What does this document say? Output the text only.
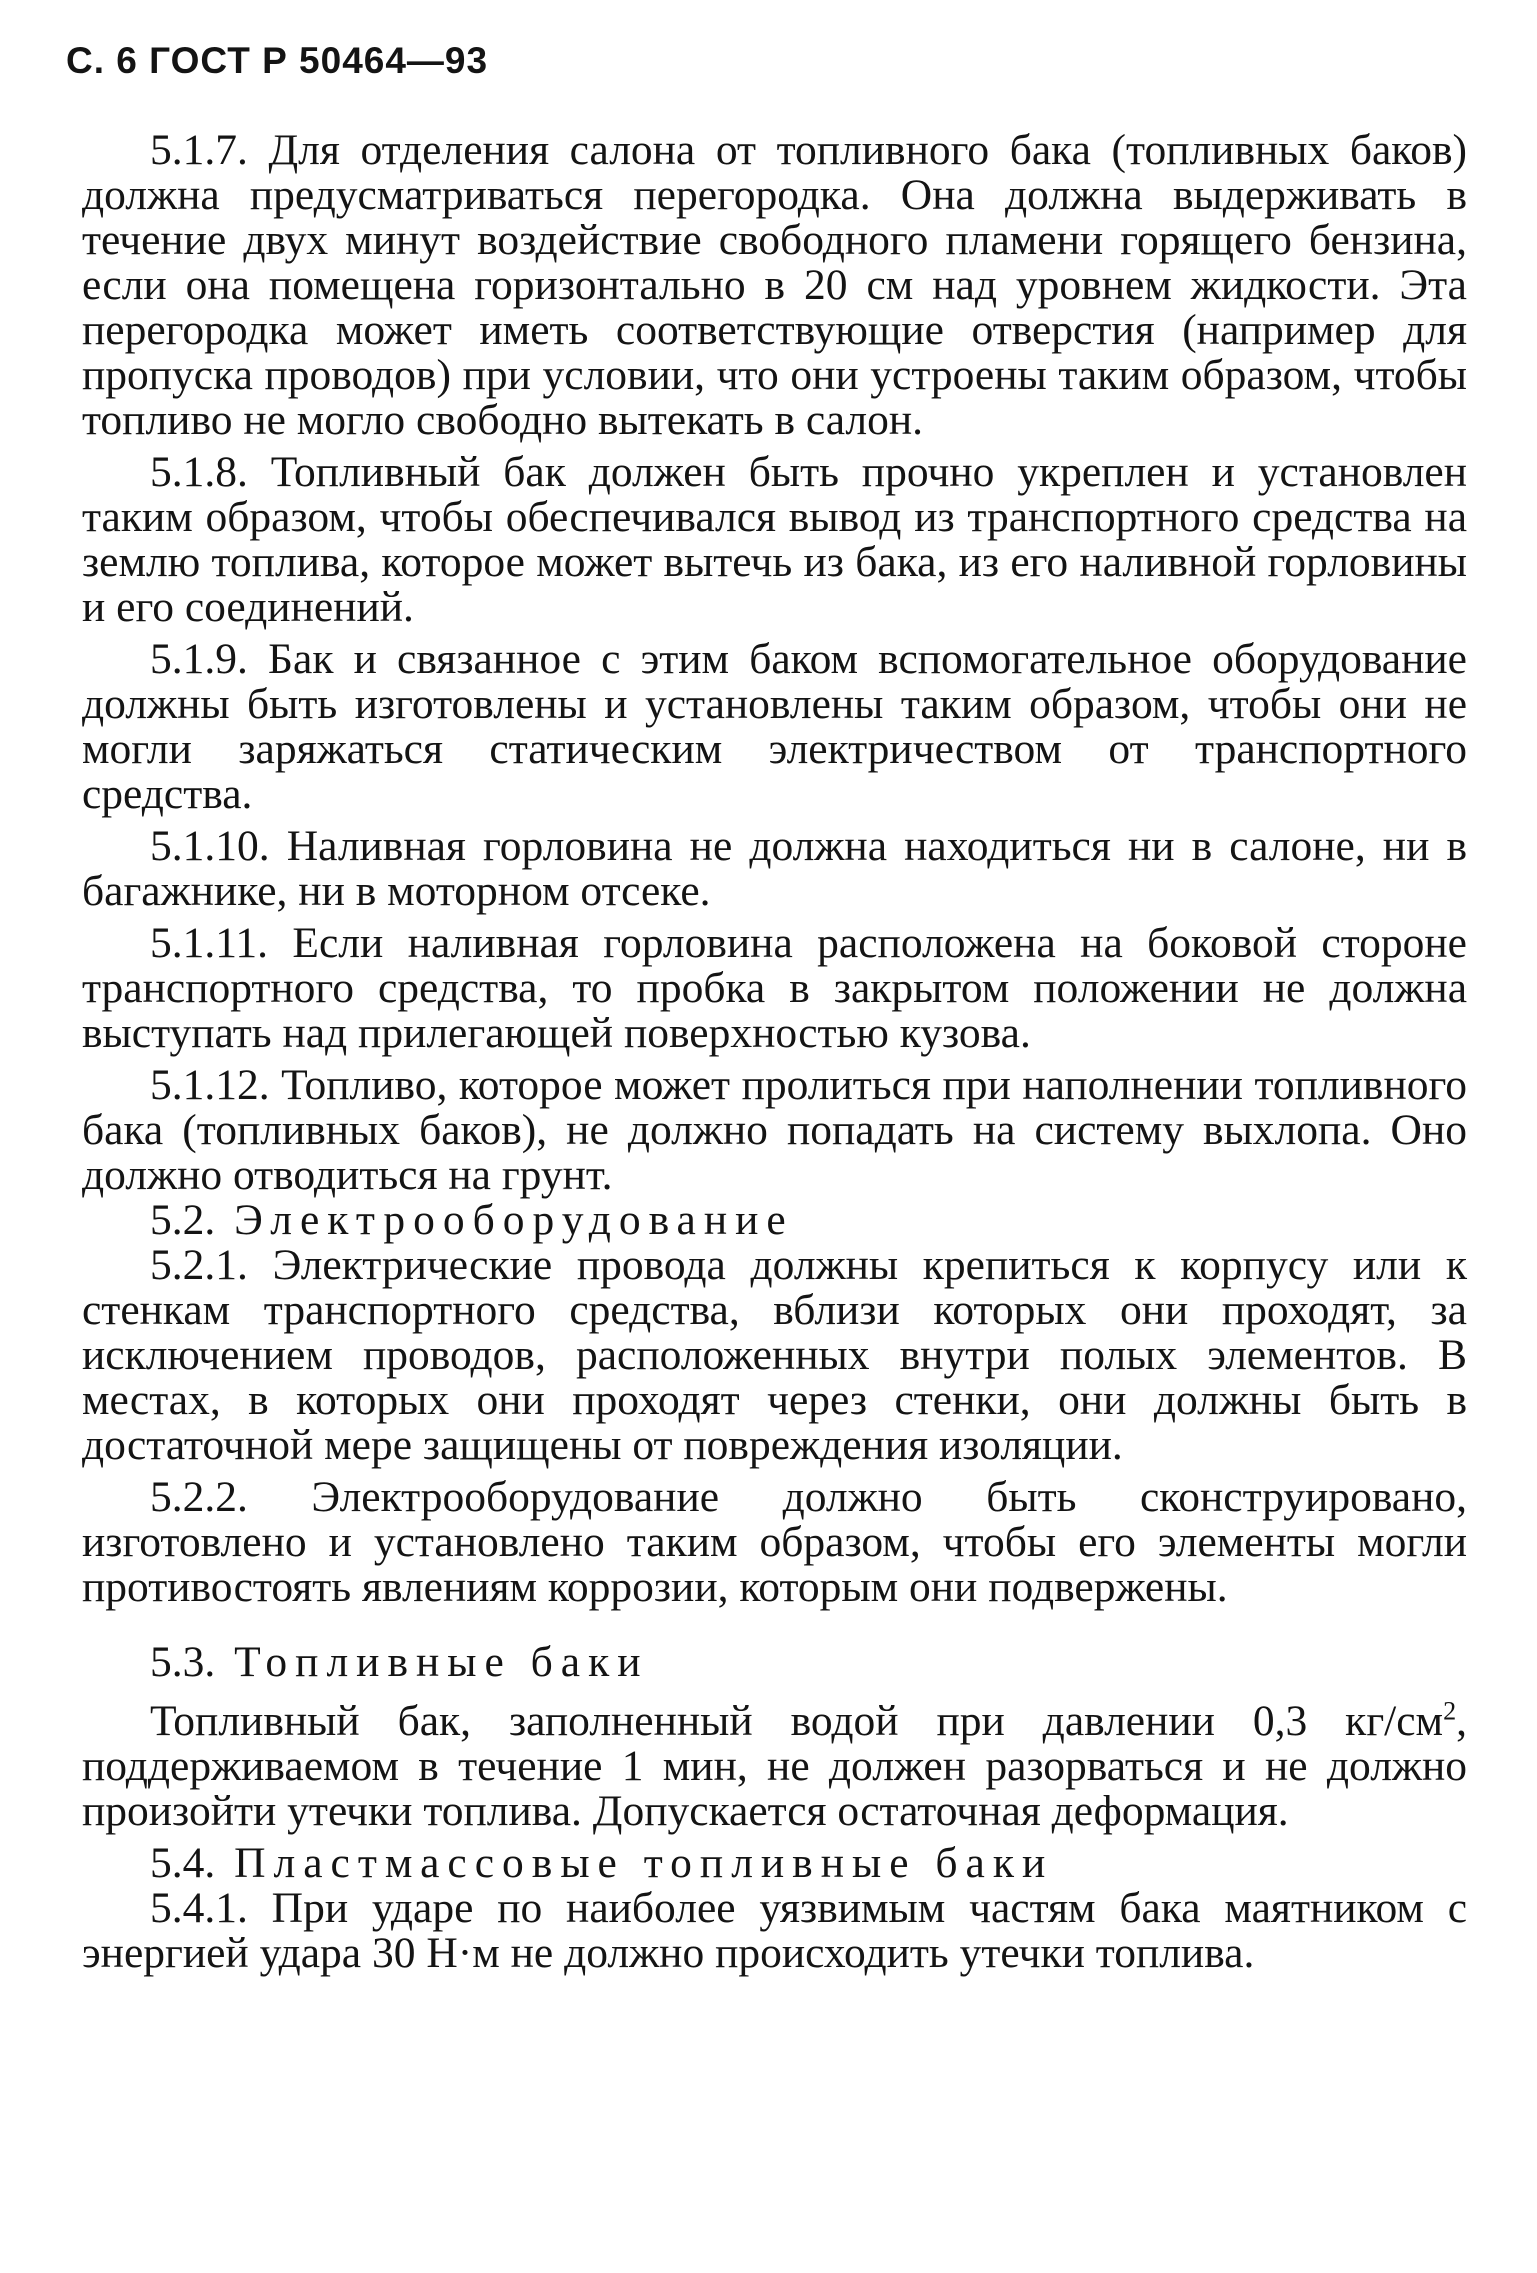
С. 6 ГОСТ Р 50464—93

5.1.7. Для отделения салона от топливного бака (топливных баков) должна предусматриваться перегородка. Она должна выдерживать в течение двух минут воздействие свободного пламени горящего бензина, если она помещена горизонтально в 20 см над уровнем жидкости. Эта перегородка может иметь соответствующие отверстия (например для пропуска проводов) при условии, что они устроены таким образом, чтобы топливо не могло свободно вытекать в салон.

5.1.8. Топливный бак должен быть прочно укреплен и установлен таким образом, чтобы обеспечивался вывод из транспортного средства на землю топлива, которое может вытечь из бака, из его наливной горловины и его соединений.

5.1.9. Бак и связанное с этим баком вспомогательное оборудование должны быть изготовлены и установлены таким образом, чтобы они не могли заряжаться статическим электричеством от транспортного средства.

5.1.10. Наливная горловина не должна находиться ни в салоне, ни в багажнике, ни в моторном отсеке.

5.1.11. Если наливная горловина расположена на боковой стороне транспортного средства, то пробка в закрытом положении не должна выступать над прилегающей поверхностью кузова.

5.1.12. Топливо, которое может пролиться при наполнении топливного бака (топливных баков), не должно попадать на систему выхлопа. Оно должно отводиться на грунт.

5.2. Электрооборудование

5.2.1. Электрические провода должны крепиться к корпусу или к стенкам транспортного средства, вблизи которых они проходят, за исключением проводов, расположенных внутри полых элементов. В местах, в которых они проходят через стенки, они должны быть в достаточной мере защищены от повреждения изоляции.

5.2.2. Электрооборудование должно быть сконструировано, изготовлено и установлено таким образом, чтобы его элементы могли противостоять явлениям коррозии, которым они подвержены.

5.3. Топливные баки

Топливный бак, заполненный водой при давлении 0,3 $кг/см^2$, поддерживаемом в течение 1 мин, не должен разорваться и не должно произойти утечки топлива. Допускается остаточная деформация.

5.4. Пластмассовые топливные баки

5.4.1. При ударе по наиболее уязвимым частям бака маятником с энергией удара 30 Н·м не должно происходить утечки топлива.
